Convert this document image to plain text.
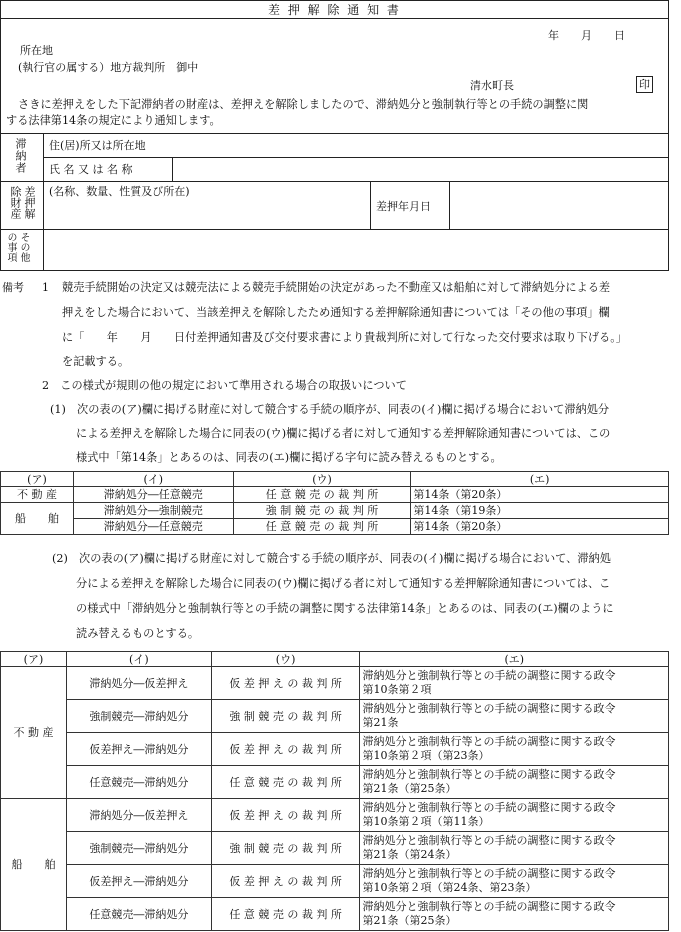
差 押 解 除 通 知 書
年　　月　　日
所在地
(執行官の属する）地方裁判所　御中
清水町長	印
さきに差押えをした下記滞納者の財産は、差押えを解除しましたので、滞納処分と強制執行等との手続の調整に関
する法律第14条の規定により通知します。
滞納者 住(居)所又は所在地
氏 名 又 は 名 称
差押解除財産	(名称、数量、性質及び所在)
差押年月日
その他の事項
備考 1 競売手続開始の決定又は競売法による競売手続開始の決定があった不動産又は船舶に対して滞納処分による差
押えをした場合において、当該差押えを解除したため通知する差押解除通知書については「その他の事項」欄
に「　　年　　月　　日付差押通知書及び交付要求書により貴裁判所に対して行なった交付要求は取り下げる。」
を記載する。
2　この様式が規則の他の規定において準用される場合の取扱いについて
(1)　次の表の(ア)欄に掲げる財産に対して競合する手続の順序が、同表の(イ)欄に掲げる場合において滞納処分
による差押えを解除した場合に同表の(ウ)欄に掲げる者に対して通知する差押解除通知書については、この
様式中「第14条」とあるのは、同表の(エ)欄に掲げる字句に読み替えるものとする。
(ア)	(イ)	(ウ)	(エ)
不 動 産	滞納処分―任意競売	任 意 競 売 の 裁 判 所	第14条（第20条）
船　　舶	滞納処分―強制競売	強 制 競 売 の 裁 判 所	第14条（第19条）
	滞納処分―任意競売	任 意 競 売 の 裁 判 所	第14条（第20条）
(2)　次の表の(ア)欄に掲げる財産に対して競合する手続の順序が、同表の(イ)欄に掲げる場合において、滞納処
分による差押えを解除した場合に同表の(ウ)欄に掲げる者に対して通知する差押解除通知書については、こ
の様式中「滞納処分と強制執行等との手続の調整に関する法律第14条」とあるのは、同表の(エ)欄のように
読み替えるものとする。
(ア)	(イ)	(ウ)	(エ)
不 動 産	滞納処分―仮差押え	仮 差 押 え の 裁 判 所	滞納処分と強制執行等との手続の調整に関する政令
第10条第２項

	強制競売―滞納処分	強 制 競 売 の 裁 判 所	滞納処分と強制執行等との手続の調整に関する政令
第21条

	仮差押え―滞納処分	仮 差 押 え の 裁 判 所	滞納処分と強制執行等との手続の調整に関する政令
第10条第２項（第23条）

	任意競売―滞納処分	任 意 競 売 の 裁 判 所	滞納処分と強制執行等との手続の調整に関する政令
第21条（第25条）

船　　舶	滞納処分―仮差押え	仮 差 押 え の 裁 判 所	滞納処分と強制執行等との手続の調整に関する政令
第10条第２項（第11条）

	強制競売―滞納処分	強 制 競 売 の 裁 判 所	滞納処分と強制執行等との手続の調整に関する政令
第21条（第24条）

	仮差押え―滞納処分	仮 差 押 え の 裁 判 所	滞納処分と強制執行等との手続の調整に関する政令
第10条第２項（第24条、第23条）

	任意競売―滞納処分	任 意 競 売 の 裁 判 所	滞納処分と強制執行等との手続の調整に関する政令
第21条（第25条）
